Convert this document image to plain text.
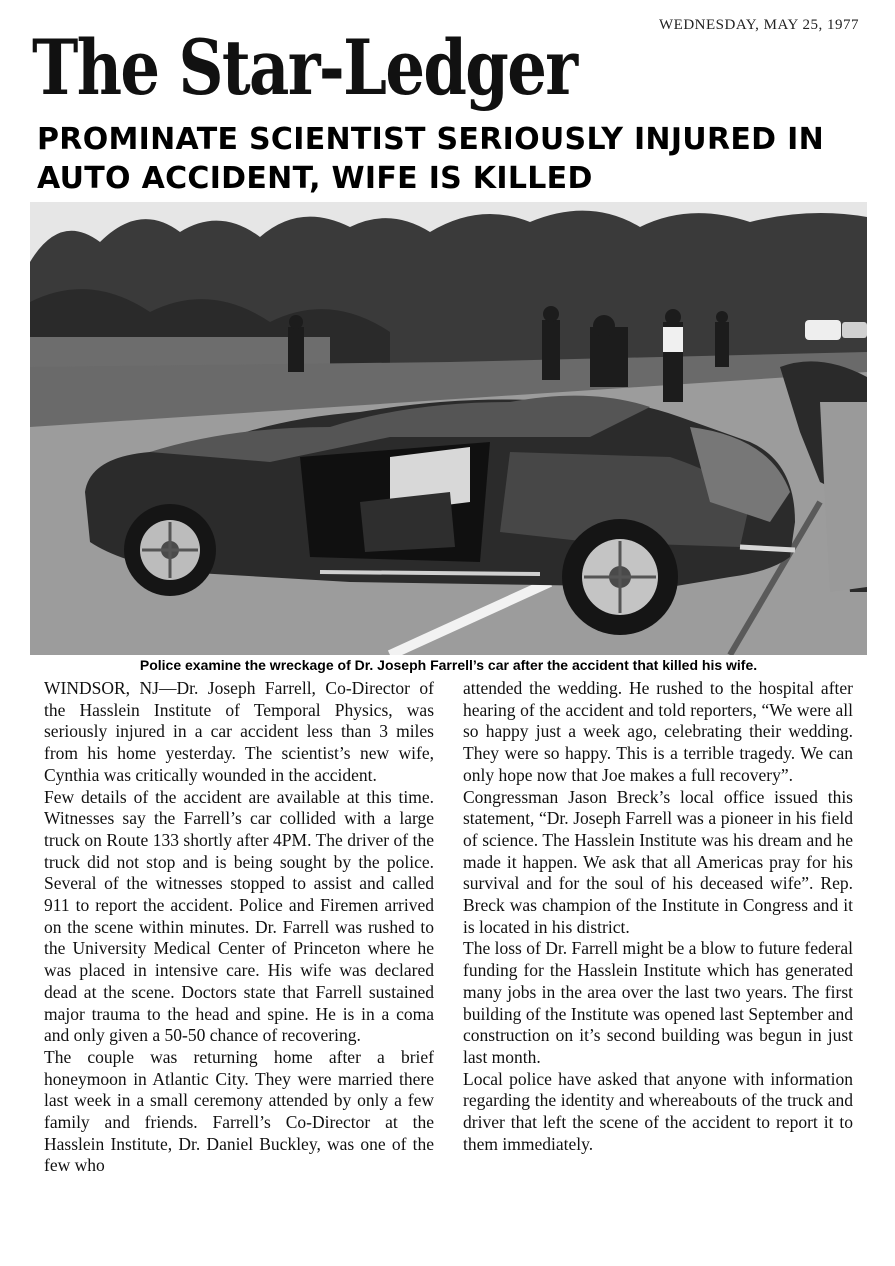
The Star-Ledger	WEDNESDAY, MAY 25, 1977
PROMINATE SCIENTIST SERIOUSLY INJURED IN AUTO ACCIDENT, WIFE IS KILLED
Police examine the wreckage of Dr. Joseph Farrell’s car after the accident that killed his wife.

WINDSOR, NJ—Dr. Joseph Farrell, Co-Director of the Hasslein Institute of Temporal Physics, was seriously injured in a car accident less than 3 miles from his home yesterday. The scientist’s new wife, Cynthia was critically wounded in the accident.

Few details of the accident are available at this time. Witnesses say the Farrell’s car collided with a large truck on Route 133 shortly after 4PM. The driver of the truck did not stop and is being sought by the police. Several of the witnesses stopped to assist and called 911 to report the accident. Police and Firemen arrived on the scene within minutes. Dr. Farrell was rushed to the University Medical Center of Princeton where he was placed in intensive care. His wife was declared dead at the scene. Doctors state that Farrell sustained major trauma to the head and spine. He is in a coma and only given a 50-50 chance of recovering.

The couple was returning home after a brief honeymoon in Atlantic City. They were married there last week in a small ceremony attended by only a few family and friends. Farrell’s Co-Director at the Hasslein Institute, Dr. Daniel Buckley, was one of the few who

attended the wedding. He rushed to the hospital after hearing of the accident and told reporters, “We were all so happy just a week ago, celebrating their wedding. They were so happy. This is a terrible tragedy. We can only hope now that Joe makes a full recovery”.

Congressman Jason Breck’s local office issued this statement, “Dr. Joseph Farrell was a pioneer in his field of science. The Hasslein Institute was his dream and he made it happen. We ask that all Americas pray for his survival and for the soul of his deceased wife”. Rep. Breck was champion of the Institute in Congress and it is located in his district.

The loss of Dr. Farrell might be a blow to future federal funding for the Hasslein Institute which has generated many jobs in the area over the last two years. The first building of the Institute was opened last September and construction on it’s second building was begun in just last month.

Local police have asked that anyone with information regarding the identity and whereabouts of the truck and driver that left the scene of the accident to report it to them immediately.
